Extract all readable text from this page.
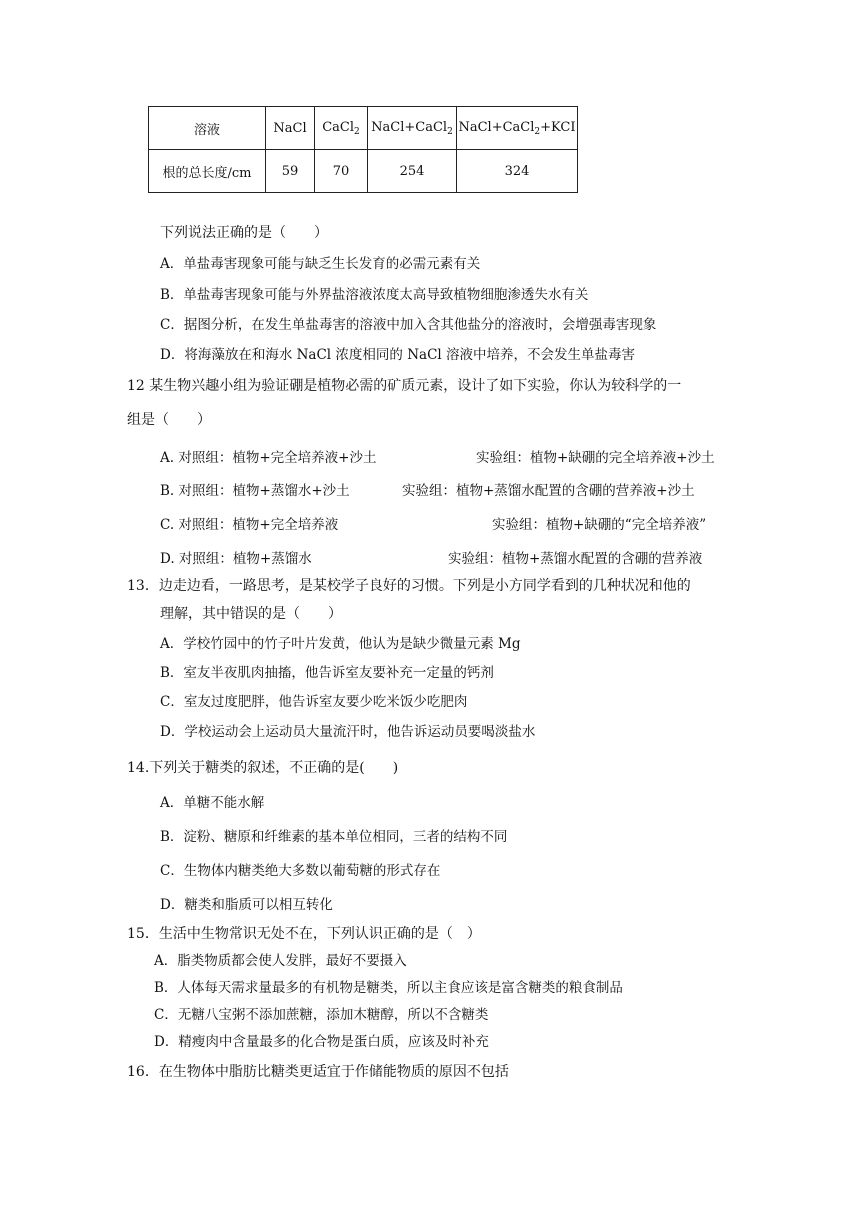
溶液	NaCl	CaCl$_2$	NaCl+CaCl$_2$	NaCl+CaCl$_2$+KCI
根的总长度/cm	59	70	254	324
下列说法正确的是（　　）
A．单盐毒害现象可能与缺乏生长发育的必需元素有关
B．单盐毒害现象可能与外界盐溶液浓度太高导致植物细胞渗透失水有关
C．据图分析，在发生单盐毒害的溶液中加入含其他盐分的溶液时，会增强毒害现象
D．将海藻放在和海水 NaCl 浓度相同的 NaCl 溶液中培养，不会发生单盐毒害
12 某生物兴趣小组为验证硼是植物必需的矿质元素，设计了如下实验，你认为较科学的一
组是（　　）
A. 对照组：植物+完全培养液+沙土	实验组：植物+缺硼的完全培养液+沙土
B. 对照组：植物+蒸馏水+沙土	实验组：植物+蒸馏水配置的含硼的营养液+沙土
C. 对照组：植物+完全培养液	实验组：植物+缺硼的“完全培养液”
D. 对照组：植物+蒸馏水	实验组：植物+蒸馏水配置的含硼的营养液
13．边走边看，一路思考，是某校学子良好的习惯。下列是小方同学看到的几种状况和他的
理解，其中错误的是（　　）
A．学校竹园中的竹子叶片发黄，他认为是缺少微量元素 Mg
B．室友半夜肌肉抽搐，他告诉室友要补充一定量的钙剂
C．室友过度肥胖，他告诉室友要少吃米饭少吃肥肉
D．学校运动会上运动员大量流汗时，他告诉运动员要喝淡盐水
14.下列关于糖类的叙述，不正确的是(　　)
A．单糖不能水解
B．淀粉、糖原和纤维素的基本单位相同，三者的结构不同
C．生物体内糖类绝大多数以葡萄糖的形式存在
D．糖类和脂质可以相互转化
15．生活中生物常识无处不在，下列认识正确的是（　）
A．脂类物质都会使人发胖，最好不要摄入
B．人体每天需求量最多的有机物是糖类，所以主食应该是富含糖类的粮食制品
C．无糖八宝粥不添加蔗糖，添加木糖醇，所以不含糖类
D．精瘦肉中含量最多的化合物是蛋白质，应该及时补充
16．在生物体中脂肪比糖类更适宜于作储能物质的原因不包括
